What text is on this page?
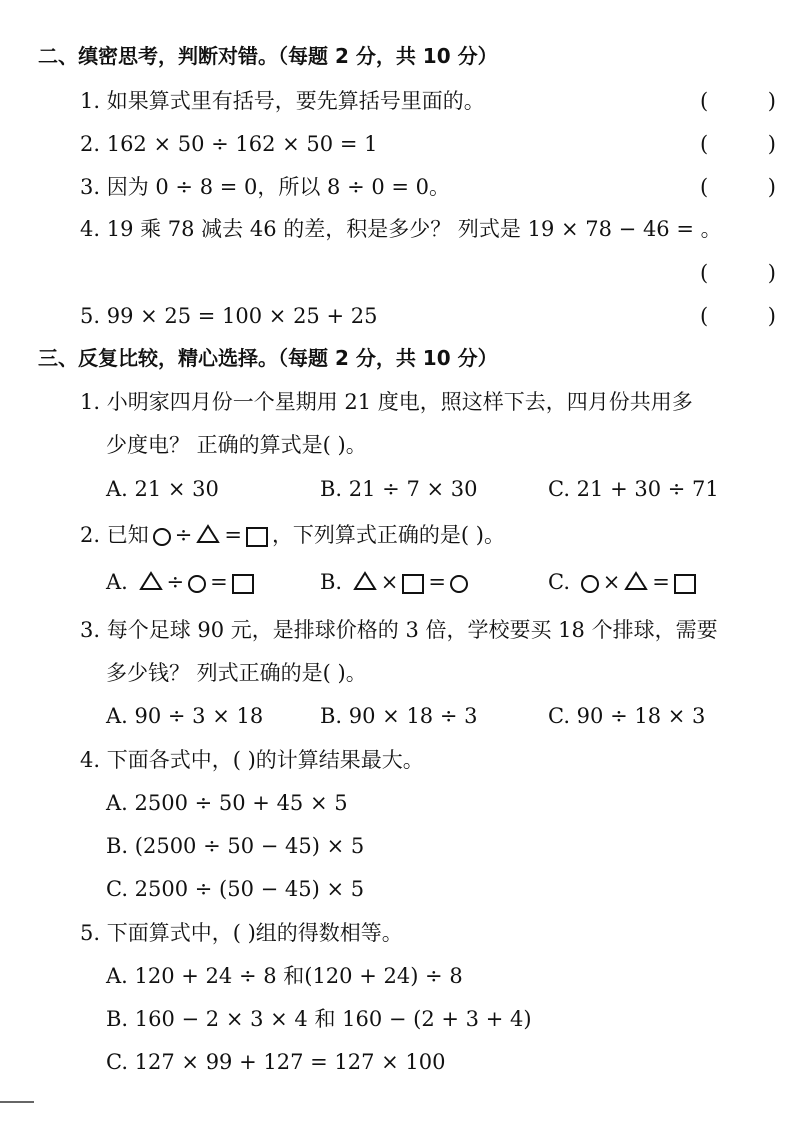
二、缜密思考，判断对错。（每题 2 分，共 10 分）
1. 如果算式里有括号，要先算括号里面的。	(	)
2. 162 × 50 ÷ 162 × 50 = 1	(	)
3. 因为 0 ÷ 8 = 0，所以 8 ÷ 0 = 0。	(	)
4. 19 乘 78 减去 46 的差，积是多少？ 列式是 19 × 78 − 46 = 。
(	)
5. 99 × 25 = 100 × 25 + 25	(	)
三、反复比较，精心选择。（每题 2 分，共 10 分）
1. 小明家四月份一个星期用 21 度电，照这样下去，四月份共用多
少度电？ 正确的算式是( )。
A. 21 × 30	B. 21 ÷ 7 × 30	C. 21 + 30 ÷ 71
2. 已知 ÷ = ，下列算式正确的是( )。
A. ÷ =	B. × =	C. × =
3. 每个足球 90 元，是排球价格的 3 倍，学校要买 18 个排球，需要
多少钱？ 列式正确的是( )。
A. 90 ÷ 3 × 18	B. 90 × 18 ÷ 3	C. 90 ÷ 18 × 3
4. 下面各式中，( )的计算结果最大。
A. 2500 ÷ 50 + 45 × 5
B. (2500 ÷ 50 − 45) × 5
C. 2500 ÷ (50 − 45) × 5
5. 下面算式中，( )组的得数相等。
A. 120 + 24 ÷ 8 和(120 + 24) ÷ 8
B. 160 − 2 × 3 × 4 和 160 − (2 + 3 + 4)
C. 127 × 99 + 127 = 127 × 100
